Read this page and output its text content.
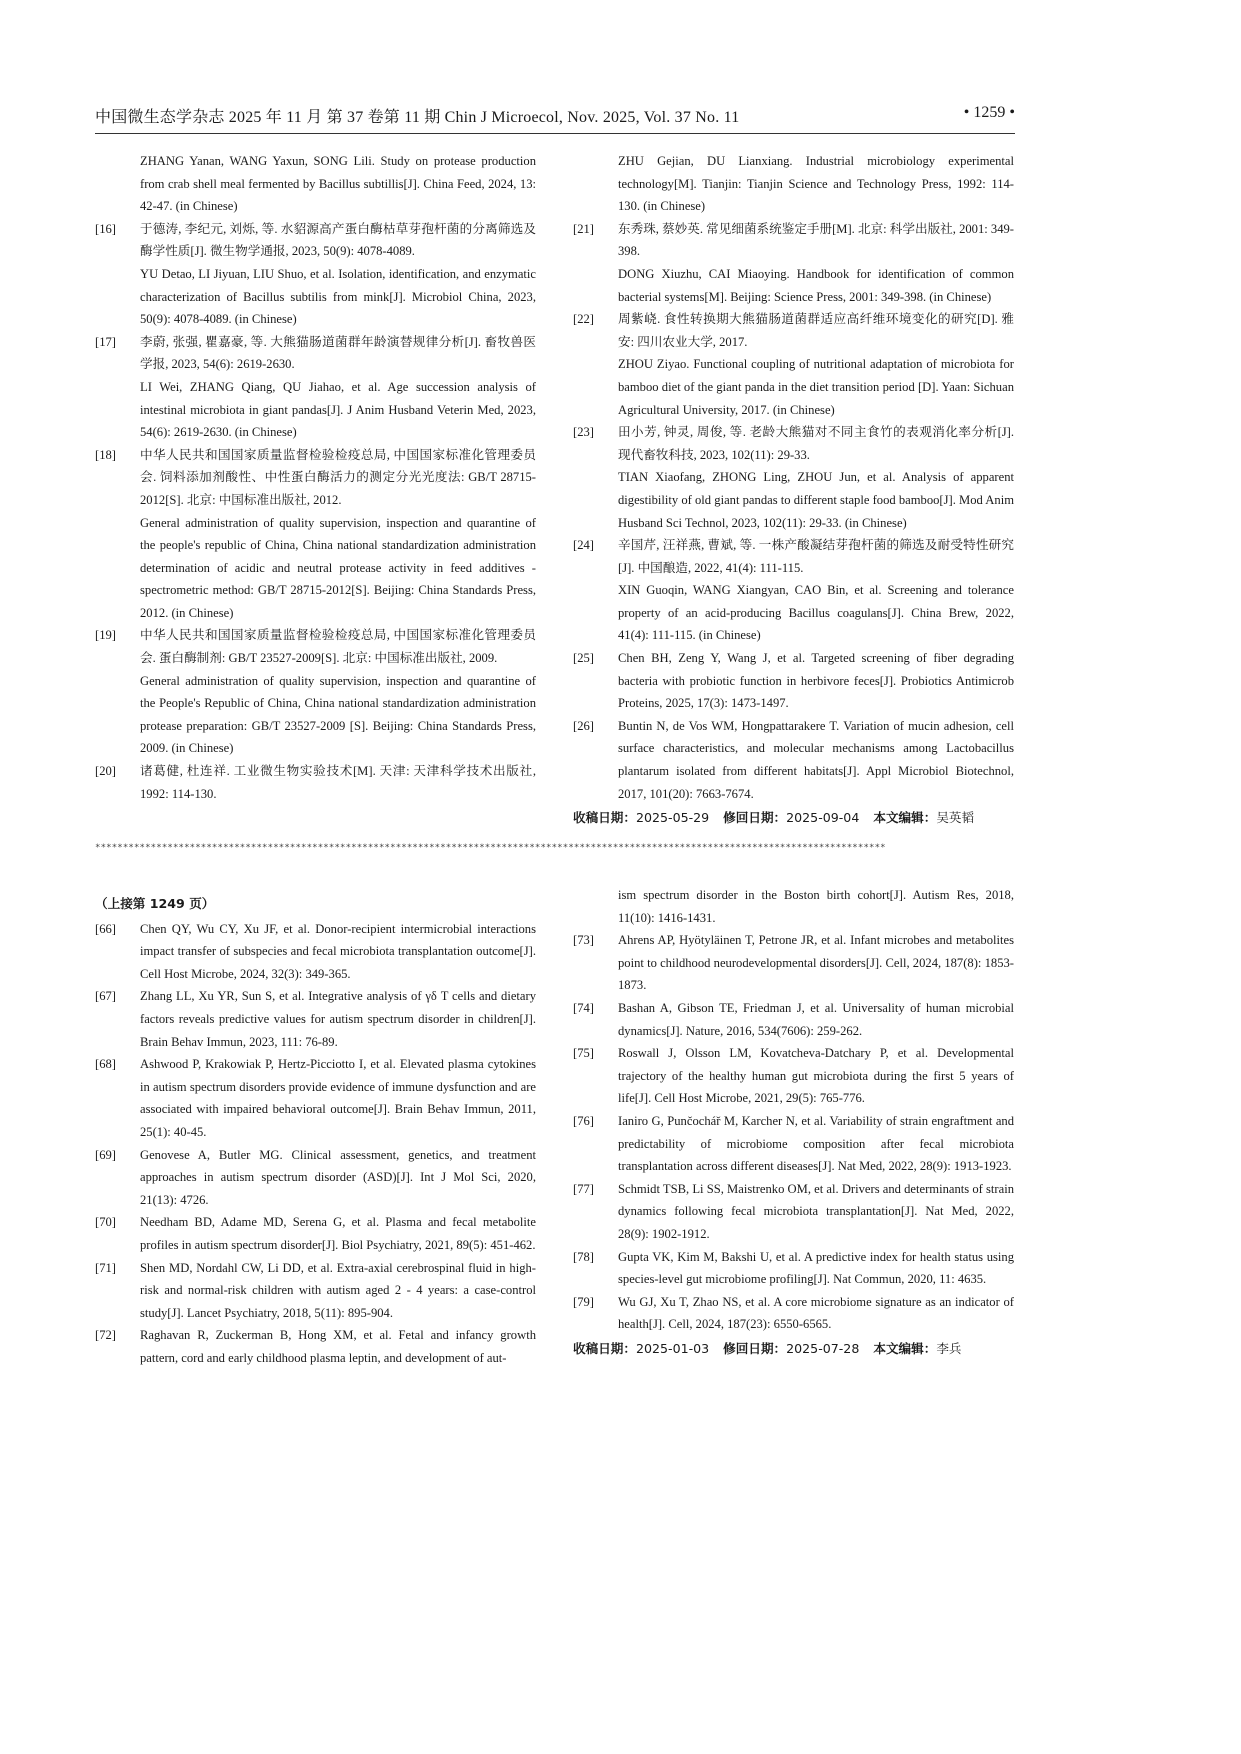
中国微生态学杂志 2025 年 11 月 第 37 卷第 11 期 Chin J Microecol, Nov. 2025, Vol. 37 No. 11	• 1259 •

ZHANG Yanan, WANG Yaxun, SONG Lili. Study on protease production from crab shell meal fermented by Bacillus subtillis[J]. China Feed, 2024, 13: 42-47. (in Chinese)

[16] 于德涛, 李纪元, 刘烁, 等. 水貂源高产蛋白酶枯草芽孢杆菌的分离筛选及酶学性质[J]. 微生物学通报, 2023, 50(9): 4078-4089.

YU Detao, LI Jiyuan, LIU Shuo, et al. Isolation, identification, and enzymatic characterization of Bacillus subtilis from mink[J]. Microbiol China, 2023, 50(9): 4078-4089. (in Chinese)

[17] 李蔚, 张强, 瞿嘉豪, 等. 大熊猫肠道菌群年龄演替规律分析[J]. 畜牧兽医学报, 2023, 54(6): 2619-2630.

LI Wei, ZHANG Qiang, QU Jiahao, et al. Age succession analysis of intestinal microbiota in giant pandas[J]. J Anim Husband Veterin Med, 2023, 54(6): 2619-2630. (in Chinese)

[18] 中华人民共和国国家质量监督检验检疫总局, 中国国家标准化管理委员会. 饲料添加剂酸性、中性蛋白酶活力的测定分光光度法: GB/T 28715-2012[S]. 北京: 中国标准出版社, 2012.

General administration of quality supervision, inspection and quarantine of the people's republic of China, China national standardization administration determination of acidic and neutral protease activity in feed additives - spectrometric method: GB/T 28715-2012[S]. Beijing: China Standards Press, 2012. (in Chinese)

[19] 中华人民共和国国家质量监督检验检疫总局, 中国国家标准化管理委员会. 蛋白酶制剂: GB/T 23527-2009[S]. 北京: 中国标准出版社, 2009.

General administration of quality supervision, inspection and quarantine of the People's Republic of China, China national standardization administration protease preparation: GB/T 23527-2009 [S]. Beijing: China Standards Press, 2009. (in Chinese)

[20] 诸葛健, 杜连祥. 工业微生物实验技术[M]. 天津: 天津科学技术出版社, 1992: 114-130.

ZHU Gejian, DU Lianxiang. Industrial microbiology experimental technology[M]. Tianjin: Tianjin Science and Technology Press, 1992: 114-130. (in Chinese)

[21] 东秀珠, 蔡妙英. 常见细菌系统鉴定手册[M]. 北京: 科学出版社, 2001: 349-398.

DONG Xiuzhu, CAI Miaoying. Handbook for identification of common bacterial systems[M]. Beijing: Science Press, 2001: 349-398. (in Chinese)

[22] 周紫峣. 食性转换期大熊猫肠道菌群适应高纤维环境变化的研究[D]. 雅安: 四川农业大学, 2017.

ZHOU Ziyao. Functional coupling of nutritional adaptation of microbiota for bamboo diet of the giant panda in the diet transition period [D]. Yaan: Sichuan Agricultural University, 2017. (in Chinese)

[23] 田小芳, 钟灵, 周俊, 等. 老龄大熊猫对不同主食竹的表观消化率分析[J]. 现代畜牧科技, 2023, 102(11): 29-33.

TIAN Xiaofang, ZHONG Ling, ZHOU Jun, et al. Analysis of apparent digestibility of old giant pandas to different staple food bamboo[J]. Mod Anim Husband Sci Technol, 2023, 102(11): 29-33. (in Chinese)

[24] 辛国芹, 汪祥燕, 曹斌, 等. 一株产酸凝结芽孢杆菌的筛选及耐受特性研究[J]. 中国酿造, 2022, 41(4): 111-115.

XIN Guoqin, WANG Xiangyan, CAO Bin, et al. Screening and tolerance property of an acid-producing Bacillus coagulans[J]. China Brew, 2022, 41(4): 111-115. (in Chinese)

[25] Chen BH, Zeng Y, Wang J, et al. Targeted screening of fiber degrading bacteria with probiotic function in herbivore feces[J]. Probiotics Antimicrob Proteins, 2025, 17(3): 1473-1497.

[26] Buntin N, de Vos WM, Hongpattarakere T. Variation of mucin adhesion, cell surface characteristics, and molecular mechanisms among Lactobacillus plantarum isolated from different habitats[J]. Appl Microbiol Biotechnol, 2017, 101(20): 7663-7674.

收稿日期：2025-05-29 修回日期：2025-09-04 本文编辑：吴英韬
**********************************************************************************************************************************************
（上接第 1249 页）
[66] Chen QY, Wu CY, Xu JF, et al. Donor-recipient intermicrobial interactions impact transfer of subspecies and fecal microbiota transplantation outcome[J]. Cell Host Microbe, 2024, 32(3): 349-365.

[67] Zhang LL, Xu YR, Sun S, et al. Integrative analysis of γδ T cells and dietary factors reveals predictive values for autism spectrum disorder in children[J]. Brain Behav Immun, 2023, 111: 76-89.

[68] Ashwood P, Krakowiak P, Hertz-Picciotto I, et al. Elevated plasma cytokines in autism spectrum disorders provide evidence of immune dysfunction and are associated with impaired behavioral outcome[J]. Brain Behav Immun, 2011, 25(1): 40-45.

[69] Genovese A, Butler MG. Clinical assessment, genetics, and treatment approaches in autism spectrum disorder (ASD)[J]. Int J Mol Sci, 2020, 21(13): 4726.

[70] Needham BD, Adame MD, Serena G, et al. Plasma and fecal metabolite profiles in autism spectrum disorder[J]. Biol Psychiatry, 2021, 89(5): 451-462.

[71] Shen MD, Nordahl CW, Li DD, et al. Extra-axial cerebrospinal fluid in high-risk and normal-risk children with autism aged 2 - 4 years: a case-control study[J]. Lancet Psychiatry, 2018, 5(11): 895-904.

[72] Raghavan R, Zuckerman B, Hong XM, et al. Fetal and infancy growth pattern, cord and early childhood plasma leptin, and development of aut-

ism spectrum disorder in the Boston birth cohort[J]. Autism Res, 2018, 11(10): 1416-1431.

[73] Ahrens AP, Hyötyläinen T, Petrone JR, et al. Infant microbes and metabolites point to childhood neurodevelopmental disorders[J]. Cell, 2024, 187(8): 1853-1873.

[74] Bashan A, Gibson TE, Friedman J, et al. Universality of human microbial dynamics[J]. Nature, 2016, 534(7606): 259-262.

[75] Roswall J, Olsson LM, Kovatcheva-Datchary P, et al. Developmental trajectory of the healthy human gut microbiota during the first 5 years of life[J]. Cell Host Microbe, 2021, 29(5): 765-776.

[76] Ianiro G, Punčochář M, Karcher N, et al. Variability of strain engraftment and predictability of microbiome composition after fecal microbiota transplantation across different diseases[J]. Nat Med, 2022, 28(9): 1913-1923.

[77] Schmidt TSB, Li SS, Maistrenko OM, et al. Drivers and determinants of strain dynamics following fecal microbiota transplantation[J]. Nat Med, 2022, 28(9): 1902-1912.

[78] Gupta VK, Kim M, Bakshi U, et al. A predictive index for health status using species-level gut microbiome profiling[J]. Nat Commun, 2020, 11: 4635.

[79] Wu GJ, Xu T, Zhao NS, et al. A core microbiome signature as an indicator of health[J]. Cell, 2024, 187(23): 6550-6565.

收稿日期：2025-01-03 修回日期：2025-07-28 本文编辑：李兵
